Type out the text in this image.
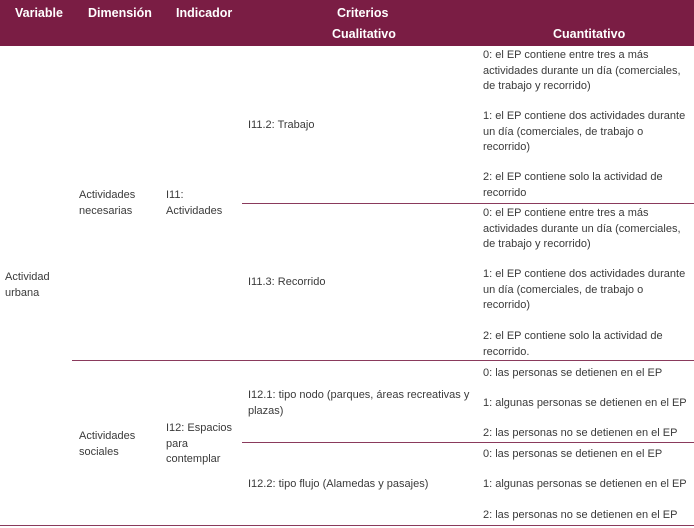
Variable Dimensión Indicador	Criterios
Cualitativo	Cuantitativo
Actividad urbana
Actividades necesarias
I11: Actividades
I11.2: Trabajo
0: el EP contiene entre tres a más actividades durante un día (comerciales, de trabajo y recorrido)
1: el EP contiene dos actividades durante un día (comerciales, de trabajo o recorrido)
2: el EP contiene solo la actividad de recorrido
I11.3: Recorrido
0: el EP contiene entre tres a más actividades durante un día (comerciales, de trabajo y recorrido)
1: el EP contiene dos actividades durante un día (comerciales, de trabajo o recorrido)
2: el EP contiene solo la actividad de recorrido.
Actividades sociales
I12: Espacios para contemplar
I12.1: tipo nodo (parques, áreas recreativas y plazas)
0: las personas se detienen en el EP
1: algunas personas se detienen en el EP
2: las personas no se detienen en el EP
I12.2: tipo flujo (Alamedas y pasajes)
0: las personas se detienen en el EP
1: algunas personas se detienen en el EP
2: las personas no se detienen en el EP
